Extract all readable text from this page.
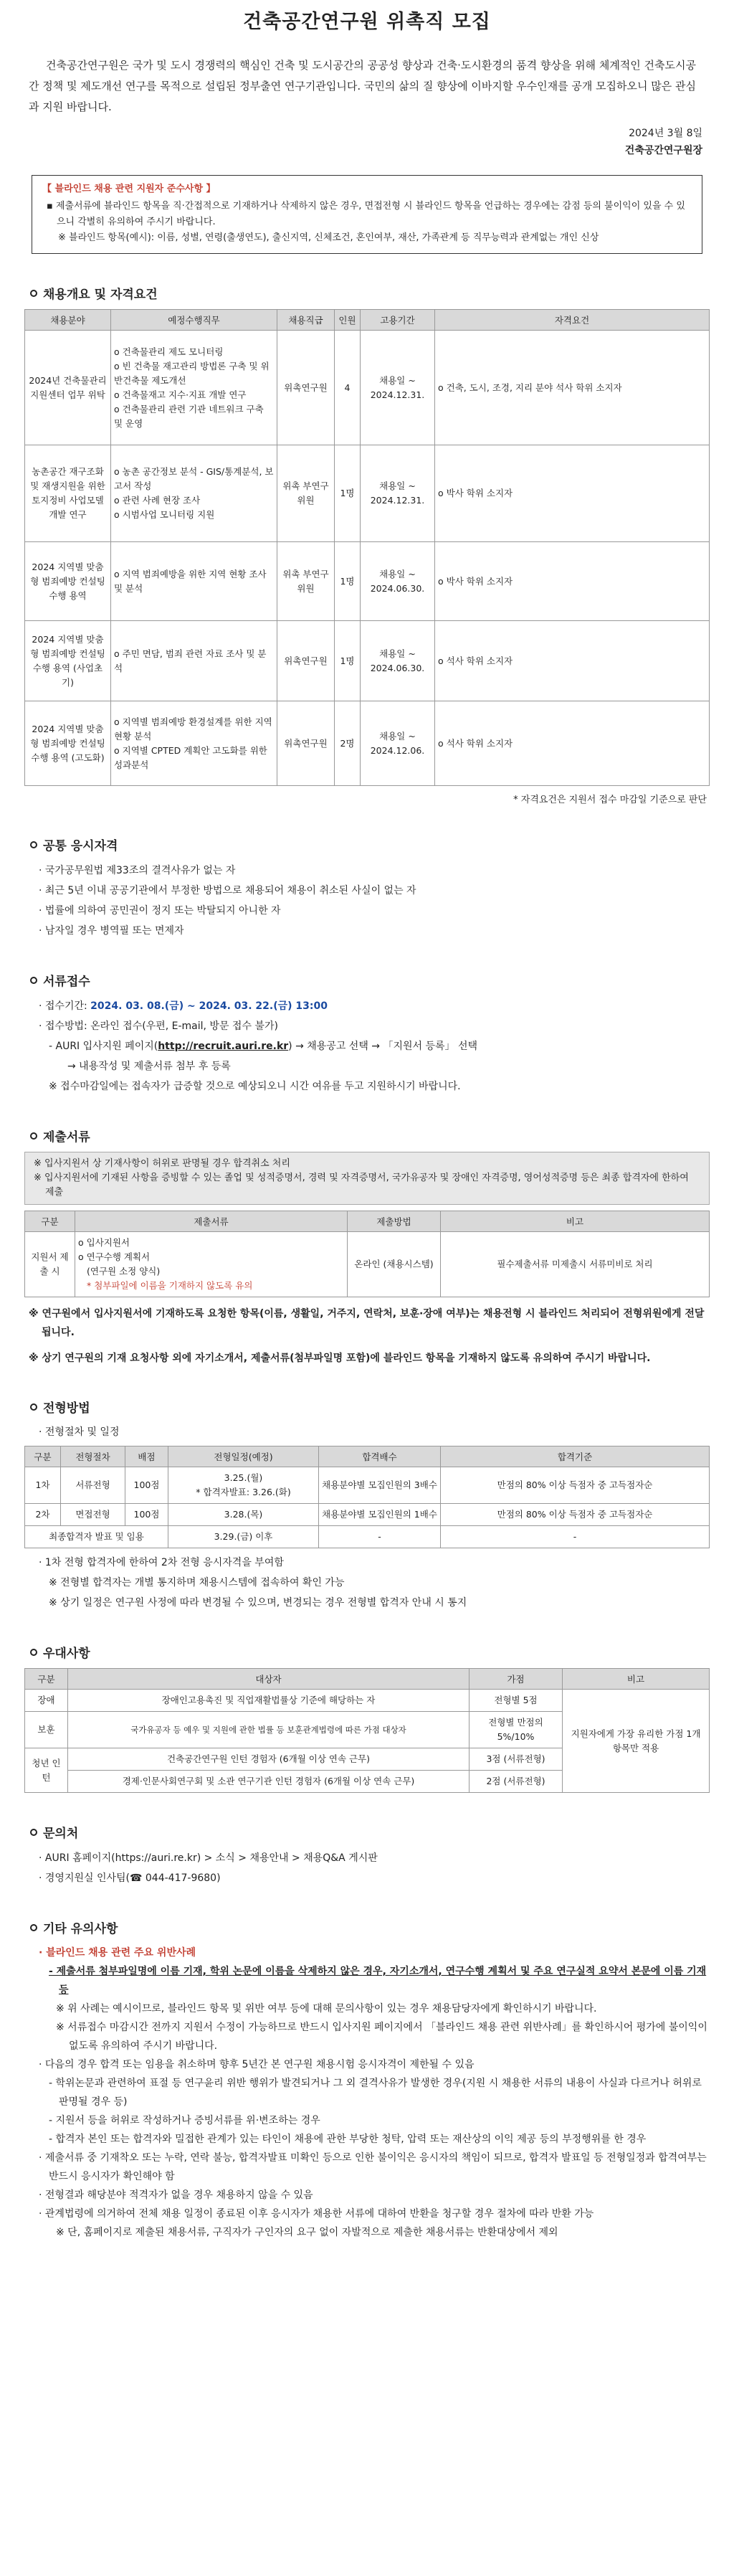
건축공간연구원 위촉직 모집
건축공간연구원은 국가 및 도시 경쟁력의 핵심인 건축 및 도시공간의 공공성 향상과 건축·도시환경의 품격 향상을 위해 체계적인 건축도시공간 정책 및 제도개선 연구를 목적으로 설립된 정부출연 연구기관입니다. 국민의 삶의 질 향상에 이바지할 우수인재를 공개 모집하오니 많은 관심과 지원 바랍니다.
2024년 3월 8일
건축공간연구원장
【 블라인드 채용 관련 지원자 준수사항 】
▪ 제출서류에 블라인드 항목을 직·간접적으로 기재하거나 삭제하지 않은 경우, 면접전형 시 블라인드 항목을 언급하는 경우에는 감점 등의 불이익이 있을 수 있으니 각별히 유의하여 주시기 바랍니다.
※ 블라인드 항목(예시): 이름, 성별, 연령(출생연도), 출신지역, 신체조건, 혼인여부, 재산, 가족관계 등 직무능력과 관계없는 개인 신상
채용개요 및 자격요건
채용분야	예정수행직무	채용직급	인원	고용기간	자격요건
2024년 건축물관리지원센터 업무 위탁	o 건축물관리 제도 모니터링
o 빈 건축물 재고관리 방법론 구축 및 위반건축물 제도개선
o 건축물재고 지수·지표 개발 연구
o 건축물관리 관련 기관 네트워크 구축 및 운영	위촉연구원	4	채용일 ~ 2024.12.31.	o 건축, 도시, 조경, 지리 분야 석사 학위 소지자
농촌공간 재구조화 및 재생지원을 위한 토지정비 사업모델 개발 연구	o 농촌 공간정보 분석 - GIS/통계분석, 보고서 작성
o 관련 사례 현장 조사
o 시범사업 모니터링 지원	위촉 부연구위원	1명	채용일 ~ 2024.12.31.	o 박사 학위 소지자
2024 지역별 맞춤형 범죄예방 컨설팅 수행 용역	o 지역 범죄예방을 위한 지역 현황 조사 및 분석	위촉 부연구위원	1명	채용일 ~ 2024.06.30.	o 박사 학위 소지자
2024 지역별 맞춤형 범죄예방 컨설팅 수행 용역 (사업초기)	o 주민 면담, 범죄 관련 자료 조사 및 분석	위촉연구원	1명	채용일 ~ 2024.06.30.	o 석사 학위 소지자
2024 지역별 맞춤형 범죄예방 컨설팅 수행 용역 (고도화)	o 지역별 범죄예방 환경설계를 위한 지역현황 분석
o 지역별 CPTED 계획안 고도화를 위한 성과분석	위촉연구원	2명	채용일 ~ 2024.12.06.	o 석사 학위 소지자
* 자격요건은 지원서 접수 마감일 기준으로 판단
공통 응시자격
· 국가공무원법 제33조의 결격사유가 없는 자
· 최근 5년 이내 공공기관에서 부정한 방법으로 채용되어 채용이 취소된 사실이 없는 자
· 법률에 의하여 공민권이 정지 또는 박탈되지 아니한 자
· 남자일 경우 병역필 또는 면제자
서류접수
· 접수기간: 2024. 03. 08.(금) ~ 2024. 03. 22.(금) 13:00
· 접수방법: 온라인 접수(우편, E-mail, 방문 접수 불가)
- AURI 입사지원 페이지(http://recruit.auri.re.kr) → 채용공고 선택 → 「지원서 등록」 선택
→ 내용작성 및 제출서류 첨부 후 등록
※ 접수마감일에는 접속자가 급증할 것으로 예상되오니 시간 여유를 두고 지원하시기 바랍니다.
제출서류
※ 입사지원서 상 기재사항이 허위로 판명될 경우 합격취소 처리
※ 입사지원서에 기재된 사항을 증빙할 수 있는 졸업 및 성적증명서, 경력 및 자격증명서, 국가유공자 및 장애인 자격증명, 영어성적증명 등은 최종 합격자에 한하여 제출
구분	제출서류	제출방법	비고
지원서 제출 시	o 입사지원서
o 연구수행 계획서
(연구원 소정 양식)
* 첨부파일에 이름을 기재하지 않도록 유의	온라인 (채용시스템)	필수제출서류 미제출시 서류미비로 처리
※ 연구원에서 입사지원서에 기재하도록 요청한 항목(이름, 생활일, 거주지, 연락처, 보훈·장애 여부)는 채용전형 시 블라인드 처리되어 전형위원에게 전달됩니다.
※ 상기 연구원의 기재 요청사항 외에 자기소개서, 제출서류(첨부파일명 포함)에 블라인드 항목을 기재하지 않도록 유의하여 주시기 바랍니다.
전형방법
· 전형절차 및 일정
구분	전형절차	배점	전형일정(예정)	합격배수	합격기준
1차	서류전형	100점	3.25.(월)
* 합격자발표: 3.26.(화)	채용분야별 모집인원의 3배수	만점의 80% 이상 득점자 중 고득점자순
2차	면접전형	100점	3.28.(목)	채용분야별 모집인원의 1배수	만점의 80% 이상 득점자 중 고득점자순
최종합격자 발표 및 임용			3.29.(금) 이후	-	-
· 1차 전형 합격자에 한하여 2차 전형 응시자격을 부여함
※ 전형별 합격자는 개별 통지하며 채용시스템에 접속하여 확인 가능
※ 상기 일정은 연구원 사정에 따라 변경될 수 있으며, 변경되는 경우 전형별 합격자 안내 시 통지
우대사항
구분	대상자	가점	비고
장애	장애인고용촉진 및 직업재활법률상 기준에 해당하는 자	전형별 5점	지원자에게 가장 유리한 가점 1개 항목만 적용
보훈	국가유공자 등 예우 및 지원에 관한 법률 등 보훈관계법령에 따른 가점 대상자	전형별 만점의 5%/10%	
청년 인턴	건축공간연구원 인턴 경험자 (6개월 이상 연속 근무)	3점 (서류전형)	
	경제·인문사회연구회 및 소관 연구기관 인턴 경험자 (6개월 이상 연속 근무)	2점 (서류전형)	
문의처
· AURI 홈페이지(https://auri.re.kr) > 소식 > 채용안내 > 채용Q&A 게시판
· 경영지원실 인사팀(☎ 044-417-9680)
기타 유의사항
· 블라인드 채용 관련 주요 위반사례
- 제출서류 첨부파일명에 이름 기재, 학위 논문에 이름을 삭제하지 않은 경우, 자기소개서, 연구수행 계획서 및 주요 연구실적 요약서 본문에 이름 기재 등
※ 위 사례는 예시이므로, 블라인드 항목 및 위반 여부 등에 대해 문의사항이 있는 경우 채용담당자에게 확인하시기 바랍니다.
※ 서류접수 마감시간 전까지 지원서 수정이 가능하므로 반드시 입사지원 페이지에서 「블라인드 채용 관련 위반사례」를 확인하시어 평가에 불이익이 없도록 유의하여 주시기 바랍니다.
· 다음의 경우 합격 또는 임용을 취소하며 향후 5년간 본 연구원 채용시험 응시자격이 제한될 수 있음
- 학위논문과 관련하여 표절 등 연구윤리 위반 행위가 발견되거나 그 외 결격사유가 발생한 경우(지원 시 채용한 서류의 내용이 사실과 다르거나 허위로 판명될 경우 등)
- 지원서 등을 허위로 작성하거나 증빙서류를 위·변조하는 경우
- 합격자 본인 또는 합격자와 밀접한 관계가 있는 타인이 채용에 관한 부당한 청탁, 압력 또는 재산상의 이익 제공 등의 부정행위를 한 경우
· 제출서류 중 기재착오 또는 누락, 연락 불능, 합격자발표 미확인 등으로 인한 불이익은 응시자의 책임이 되므로, 합격자 발표일 등 전형일정과 합격여부는 반드시 응시자가 확인해야 함
· 전형결과 해당분야 적격자가 없을 경우 채용하지 않을 수 있음
· 관계법령에 의거하여 전체 채용 일정이 종료된 이후 응시자가 채용한 서류에 대하여 반환을 청구할 경우 절차에 따라 반환 가능
※ 단, 홈페이지로 제출된 채용서류, 구직자가 구인자의 요구 없이 자발적으로 제출한 채용서류는 반환대상에서 제외
